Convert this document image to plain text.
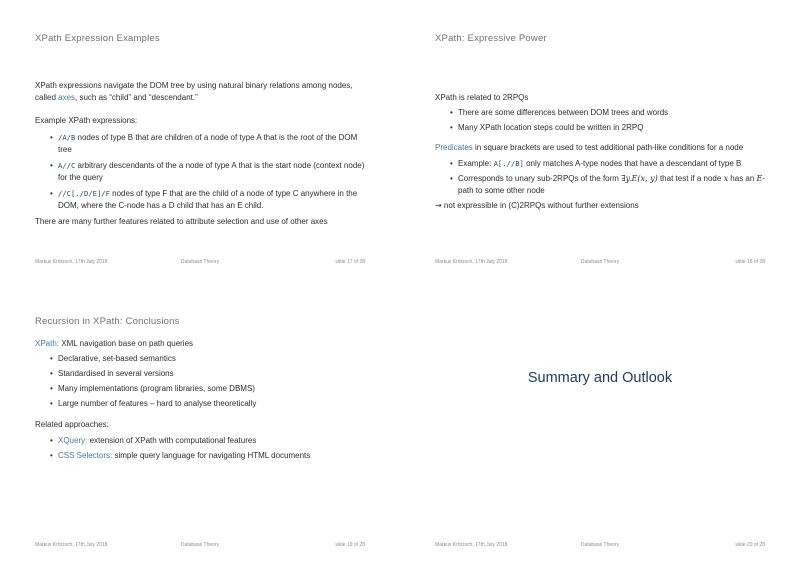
XPath Expression Examples

XPath expressions navigate the DOM tree by using natural binary relations among nodes, called axes, such as “child” and “descendant.”

Example XPath expressions:

• /A/B nodes of type B that are children of a node of type A that is the root of the DOM tree
• A//C arbitrary descendants of the a node of type A that is the start node (context node) for the query
• //C[./D/E]/F nodes of type F that are the child of a node of type C anywhere in the DOM, where the C-node has a D child that has an E child.

There are many further features related to attribute selection and use of other axes

Markus Krötzsch, 17th July 2018	Database Theory	slide 17 of 28
XPath: Expressive Power

XPath is related to 2RPQs

• There are some differences between DOM trees and words
• Many XPath location steps could be written in 2RPQ

Predicates in square brackets are used to test additional path-like conditions for a node

• Example: A[.//B] only matches A-type nodes that have a descendant of type B
• Corresponds to unary sub-2RPQs of the form ∃y.E(x, y) that test if a node x has an E-path to some other node

⇝ not expressible in (C)2RPQs without further extensions

Markus Krötzsch, 17th July 2018	Database Theory	slide 18 of 28
Recursion in XPath: Conclusions

XPath: XML navigation base on path queries

• Declarative, set-based semantics
• Standardised in several versions
• Many implementations (program libraries, some DBMS)
• Large number of features – hard to analyse theoretically

Related approaches:

• XQuery: extension of XPath with computational features
• CSS Selectors: simple query language for navigating HTML documents
Markus Krötzsch, 17th July 2018	Database Theory	slide 19 of 28
Summary and Outlook
Markus Krötzsch, 17th July 2018	Database Theory	slide 20 of 28
